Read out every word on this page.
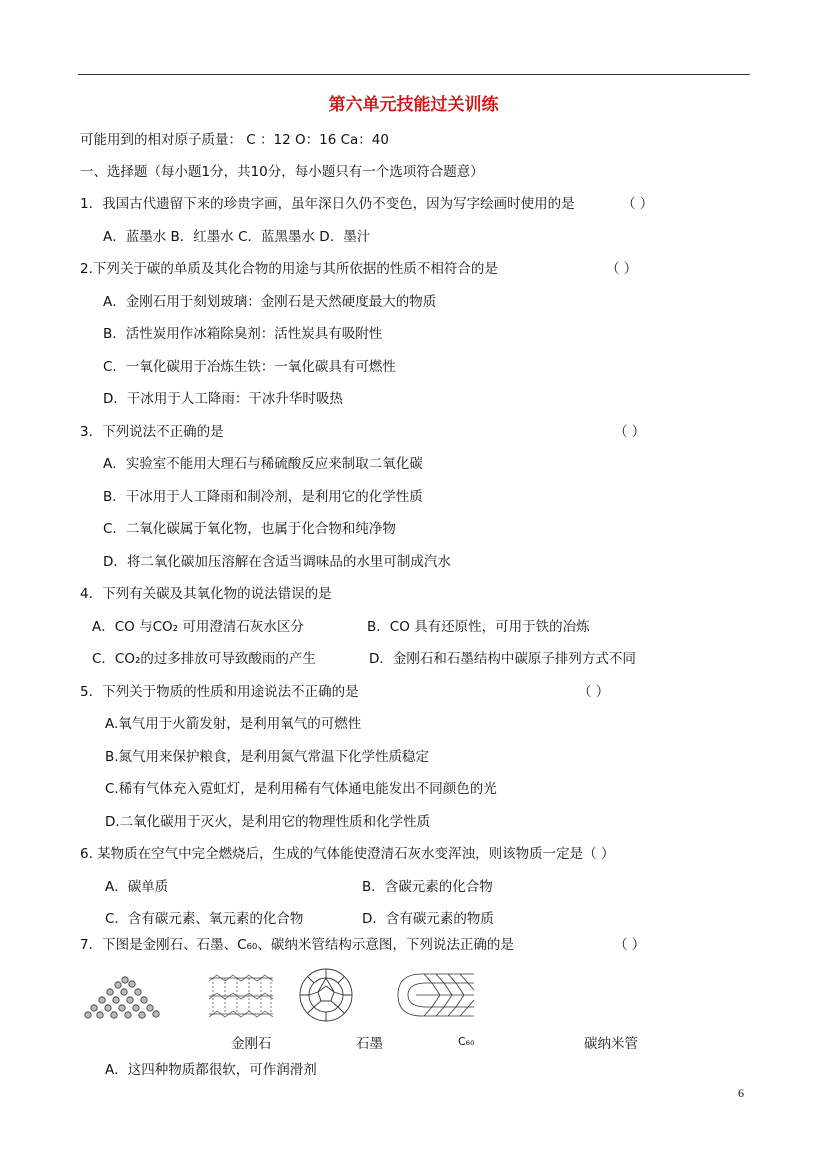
第六单元技能过关训练
可能用到的相对原子质量： C ：12 O：16 Ca：40
一、选择题（每小题1分，共10分，每小题只有一个选项符合题意）
1．我国古代遗留下来的珍贵字画，虽年深日久仍不变色，因为写字绘画时使用的是	（ ）
A．蓝墨水 B．红墨水 C．蓝黑墨水 D．墨汁
2.下列关于碳的单质及其化合物的用途与其所依据的性质不相符合的是	（ ）
A．金刚石用于刻划玻璃：金刚石是天然硬度最大的物质
B．活性炭用作冰箱除臭剂：活性炭具有吸附性
C．一氧化碳用于冶炼生铁：一氧化碳具有可燃性
D．干冰用于人工降雨：干冰升华时吸热
3．下列说法不正确的是	（ ）
A．实验室不能用大理石与稀硫酸反应来制取二氧化碳
B．干冰用于人工降雨和制冷剂，是利用它的化学性质
C．二氧化碳属于氧化物，也属于化合物和纯净物
D．将二氧化碳加压溶解在含适当调味品的水里可制成汽水
4．下列有关碳及其氧化物的说法错误的是
A．CO 与CO₂ 可用澄清石灰水区分	B．CO 具有还原性，可用于铁的冶炼
C．CO₂的过多排放可导致酸雨的产生	D．金刚石和石墨结构中碳原子排列方式不同
5．下列关于物质的性质和用途说法不正确的是	（ ）
A.氧气用于火箭发射，是利用氧气的可燃性
B.氮气用来保护粮食，是利用氮气常温下化学性质稳定
C.稀有气体充入霓虹灯，是利用稀有气体通电能发出不同颜色的光
D.二氧化碳用于灭火，是利用它的物理性质和化学性质
6. 某物质在空气中完全燃烧后，生成的气体能使澄清石灰水变浑浊，则该物质一定是（ ）
A．碳单质	B．含碳元素的化合物
C．含有碳元素、氧元素的化合物	D．含有碳元素的物质
7．下图是金刚石、石墨、C₆₀、碳纳米管结构示意图，下列说法正确的是	（ ）
金刚石	石墨	C₆₀	碳纳米管
A．这四种物质都很软，可作润滑剂
6
